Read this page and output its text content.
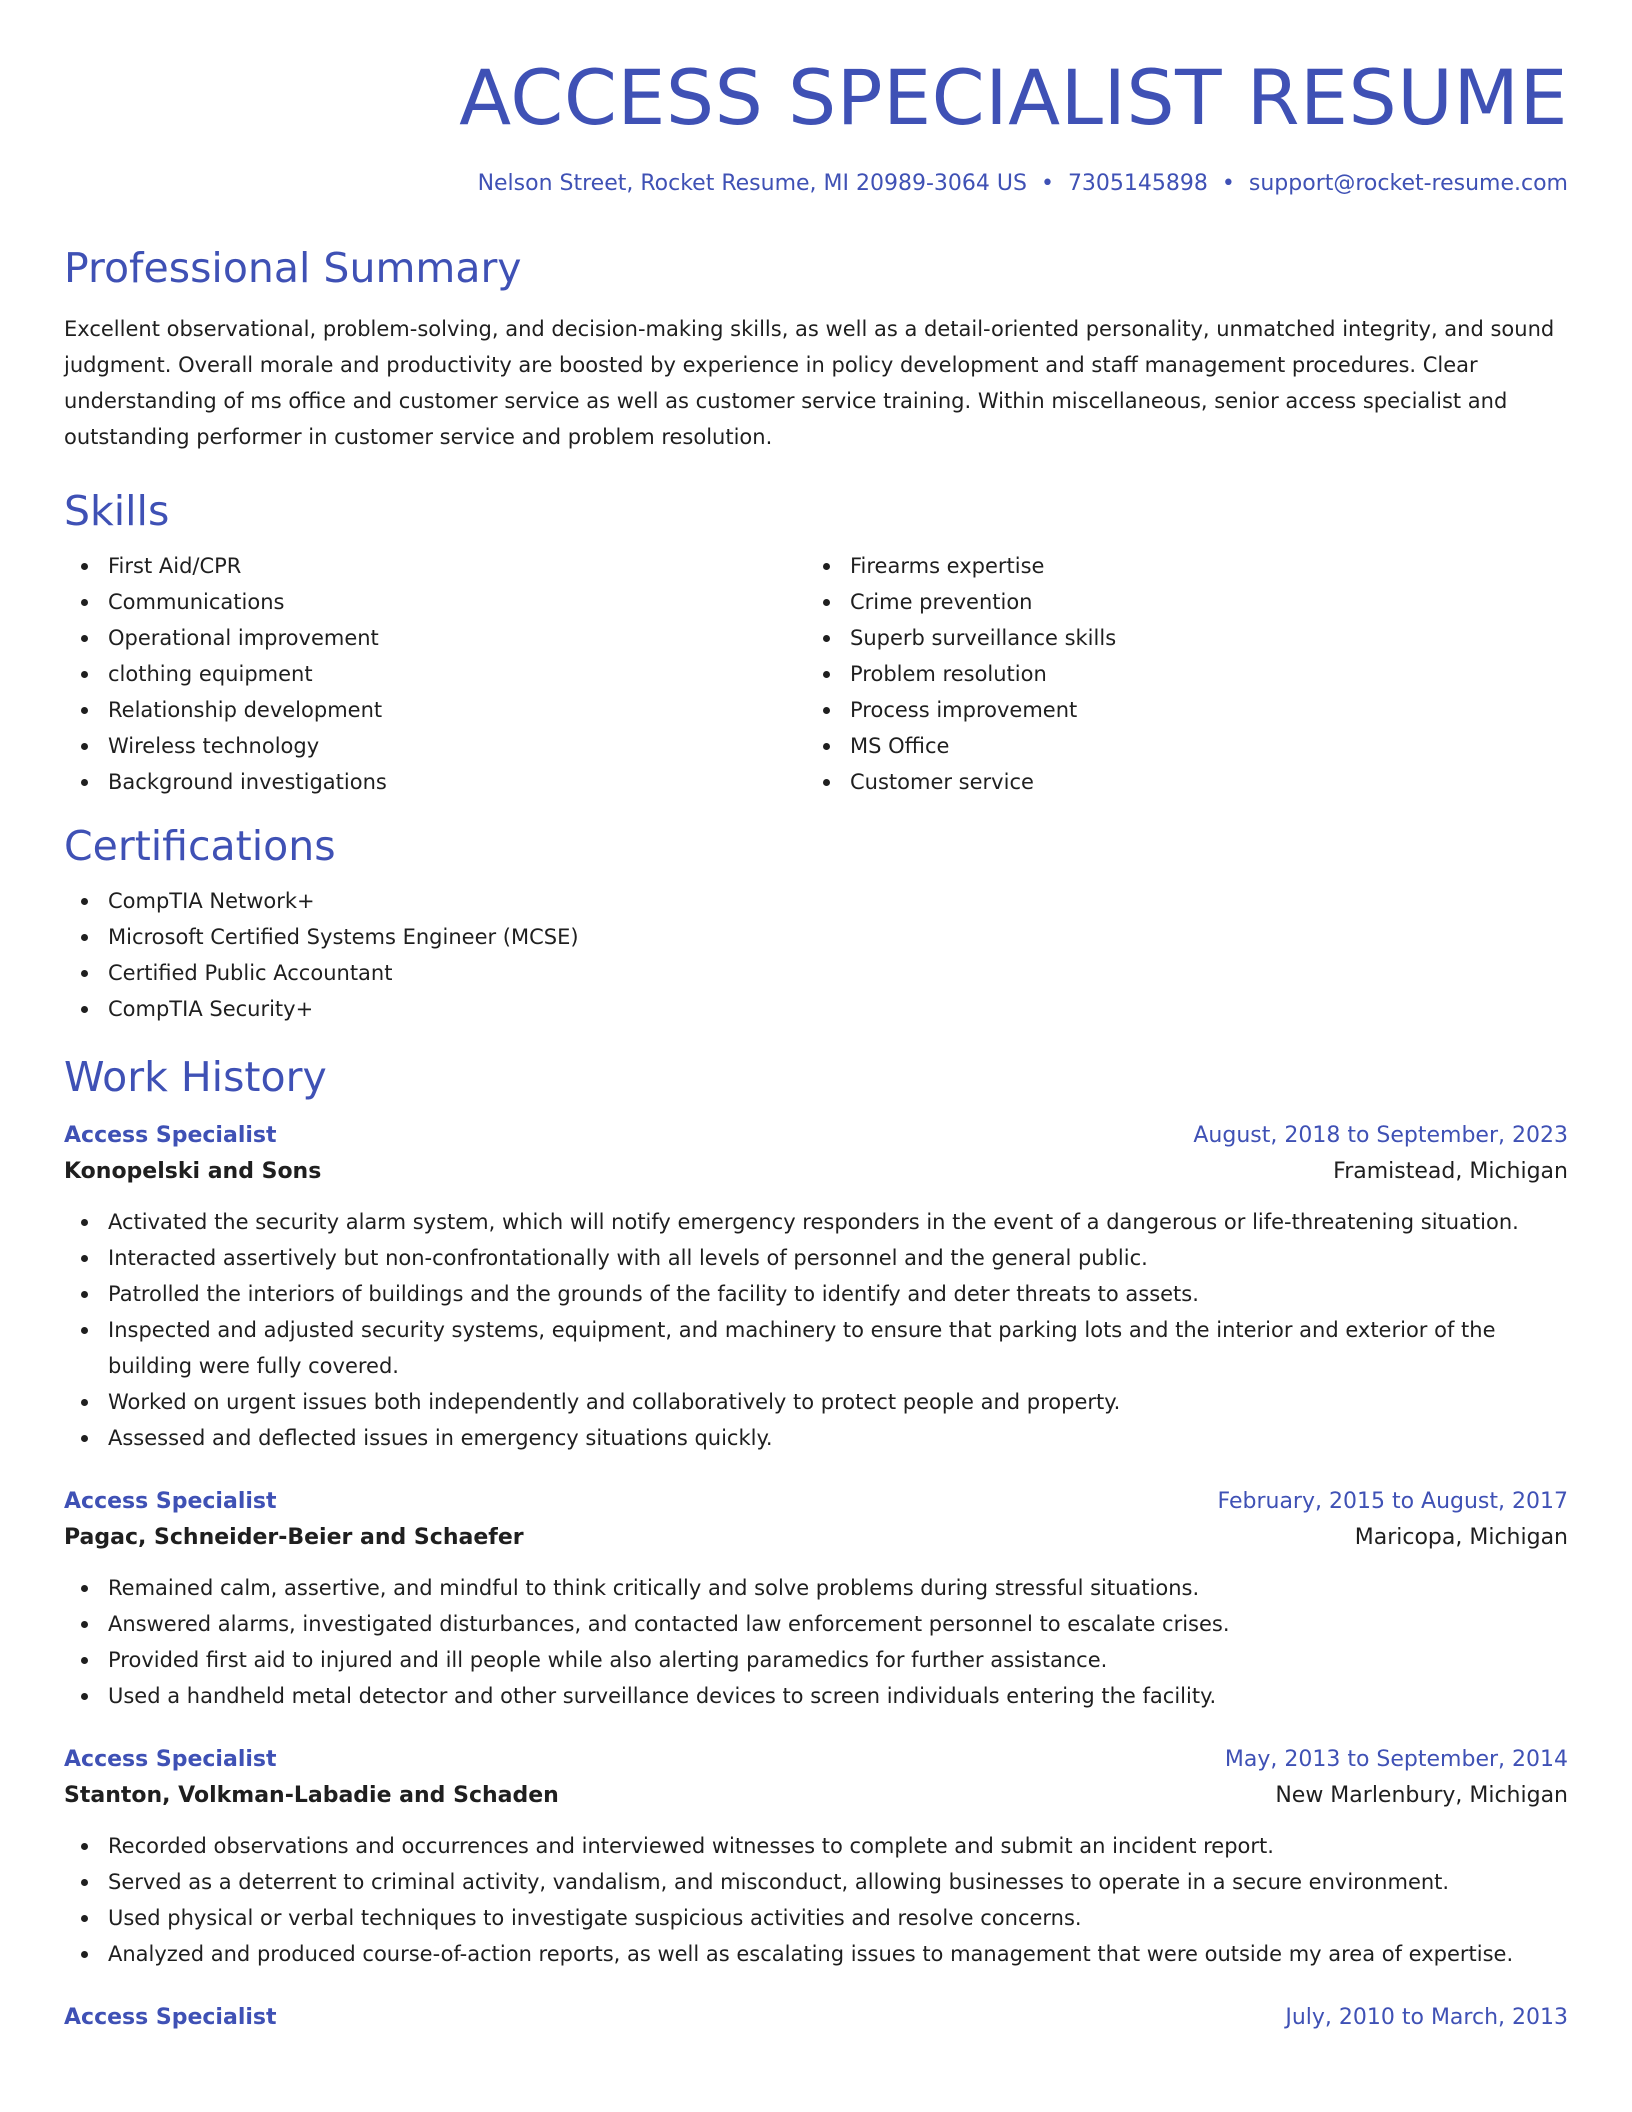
ACCESS SPECIALIST RESUME
Nelson Street, Rocket Resume, MI 20989-3064 US • 7305145898 • support@rocket-resume.com
Professional Summary

Excellent observational, problem-solving, and decision-making skills, as well as a detail-oriented personality, unmatched integrity, and sound judgment. Overall morale and productivity are boosted by experience in policy development and staff management procedures. Clear understanding of ms office and customer service as well as customer service training. Within miscellaneous, senior access specialist and outstanding performer in customer service and problem resolution.

Skills
First Aid/CPR
Communications
Operational improvement
clothing equipment
Relationship development
Wireless technology
Background investigations
Firearms expertise
Crime prevention
Superb surveillance skills
Problem resolution
Process improvement
MS Office
Customer service
Certifications
CompTIA Network+
Microsoft Certified Systems Engineer (MCSE)
Certified Public Accountant
CompTIA Security+
Work History
Access Specialist	August, 2018 to September, 2023
Konopelski and Sons	Framistead, Michigan
Activated the security alarm system, which will notify emergency responders in the event of a dangerous or life-threatening situation.
Interacted assertively but non-confrontationally with all levels of personnel and the general public.
Patrolled the interiors of buildings and the grounds of the facility to identify and deter threats to assets.
Inspected and adjusted security systems, equipment, and machinery to ensure that parking lots and the interior and exterior of the building were fully covered.
Worked on urgent issues both independently and collaboratively to protect people and property.
Assessed and deflected issues in emergency situations quickly.
Access Specialist	February, 2015 to August, 2017
Pagac, Schneider-Beier and Schaefer	Maricopa, Michigan
Remained calm, assertive, and mindful to think critically and solve problems during stressful situations.
Answered alarms, investigated disturbances, and contacted law enforcement personnel to escalate crises.
Provided first aid to injured and ill people while also alerting paramedics for further assistance.
Used a handheld metal detector and other surveillance devices to screen individuals entering the facility.
Access Specialist	May, 2013 to September, 2014
Stanton, Volkman-Labadie and Schaden	New Marlenbury, Michigan
Recorded observations and occurrences and interviewed witnesses to complete and submit an incident report.
Served as a deterrent to criminal activity, vandalism, and misconduct, allowing businesses to operate in a secure environment.
Used physical or verbal techniques to investigate suspicious activities and resolve concerns.
Analyzed and produced course-of-action reports, as well as escalating issues to management that were outside my area of expertise.
Access Specialist	July, 2010 to March, 2013
